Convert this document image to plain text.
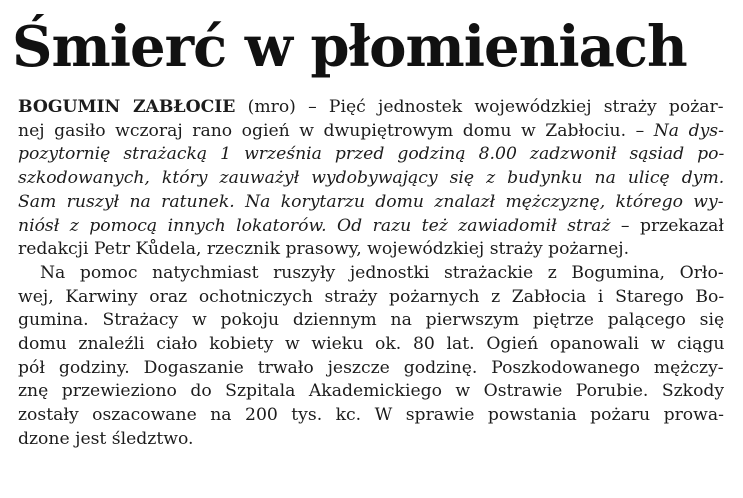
Śmierć w płomieniach
BOGUMIN ZABŁOCIE (mro) – Pięć jednostek wojewódzkiej straży pożar-
nej gasiło wczoraj rano ogień w dwupiętrowym domu w Zabłociu. – Na dys-
pozytornię strażacką 1 września przed godziną 8.00 zadzwonił sąsiad po-
szkodowanych, który zauważył wydobywający się z budynku na ulicę dym.
Sam ruszył na ratunek. Na korytarzu domu znalazł mężczyznę, którego wy-
niósł z pomocą innych lokatorów. Od razu też zawiadomił straż – przekazał
redakcji Petr Kůdela, rzecznik prasowy, wojewódzkiej straży pożarnej.
Na pomoc natychmiast ruszyły jednostki strażackie z Bogumina, Orło-
wej, Karwiny oraz ochotniczych straży pożarnych z Zabłocia i Starego Bo-
gumina. Strażacy w pokoju dziennym na pierwszym piętrze palącego się
domu znaleźli ciało kobiety w wieku ok. 80 lat. Ogień opanowali w ciągu
pół godziny. Dogaszanie trwało jeszcze godzinę. Poszkodowanego mężczy-
znę przewieziono do Szpitala Akademickiego w Ostrawie Porubie. Szkody
zostały oszacowane na 200 tys. kc. W sprawie powstania pożaru prowa-
dzone jest śledztwo.
